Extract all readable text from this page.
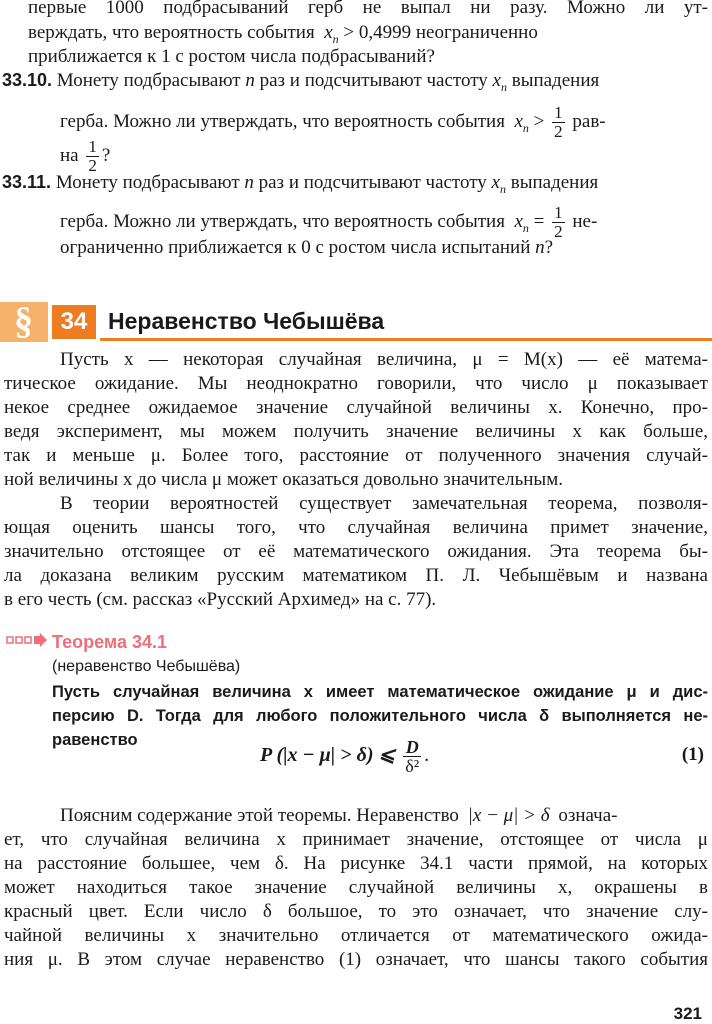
первые 1000 подбрасываний герб не выпал ни разу. Можно ли ут-
верждать, что вероятность события $x_n > 0,4999$ неограниченно
приближается к 1 с ростом числа подбрасываний?
33.10. Монету подбрасывают n раз и подсчитывают частоту $x_n$ выпадения
герба. Можно ли утверждать, что вероятность события $x_n > \frac{1}{2} рав-$
на $\frac{1}{2}$ ?
33.11. Монету подбрасывают n раз и подсчитывают частоту $x_n$ выпадения
герба. Можно ли утверждать, что вероятность события $x_n = \frac{1}{2} не-$
ограниченно приближается к 0 с ростом числа испытаний n?
§	34 Неравенство Чебышёва
Пусть x — некоторая случайная величина, μ = M(x) — её матема-
тическое ожидание. Мы неоднократно говорили, что число μ показывает
некое среднее ожидаемое значение случайной величины x. Конечно, про-
ведя эксперимент, мы можем получить значение величины x как больше,
так и меньше μ. Более того, расстояние от полученного значения случай-
ной величины x до числа μ может оказаться довольно значительным.
В теории вероятностей существует замечательная теорема, позволя-
ющая оценить шансы того, что случайная величина примет значение,
значительно отстоящее от её математического ожидания. Эта теорема бы-
ла доказана великим русским математиком П. Л. Чебышёвым и названа
в его честь (см. рассказ «Русский Архимед» на с. 77).
Теорема 34.1
(неравенство Чебышёва)
Пусть случайная величина x имеет математическое ожидание μ и дис-
персию D. Тогда для любого положительного числа δ выполняется не-
равенство
P (|x − μ| > δ) ⩽ $\frac{D}{\text{δ²}}$ .	(1)
Поясним содержание этой теоремы. Неравенство |x − μ| > δ означа-
ет, что случайная величина x принимает значение, отстоящее от числа μ
на расстояние большее, чем δ. На рисунке 34.1 части прямой, на которых
может находиться такое значение случайной величины x, окрашены в
красный цвет. Если число δ большое, то это означает, что значение слу-
чайной величины x значительно отличается от математического ожида-
ния μ. В этом случае неравенство (1) означает, что шансы такого события
321
